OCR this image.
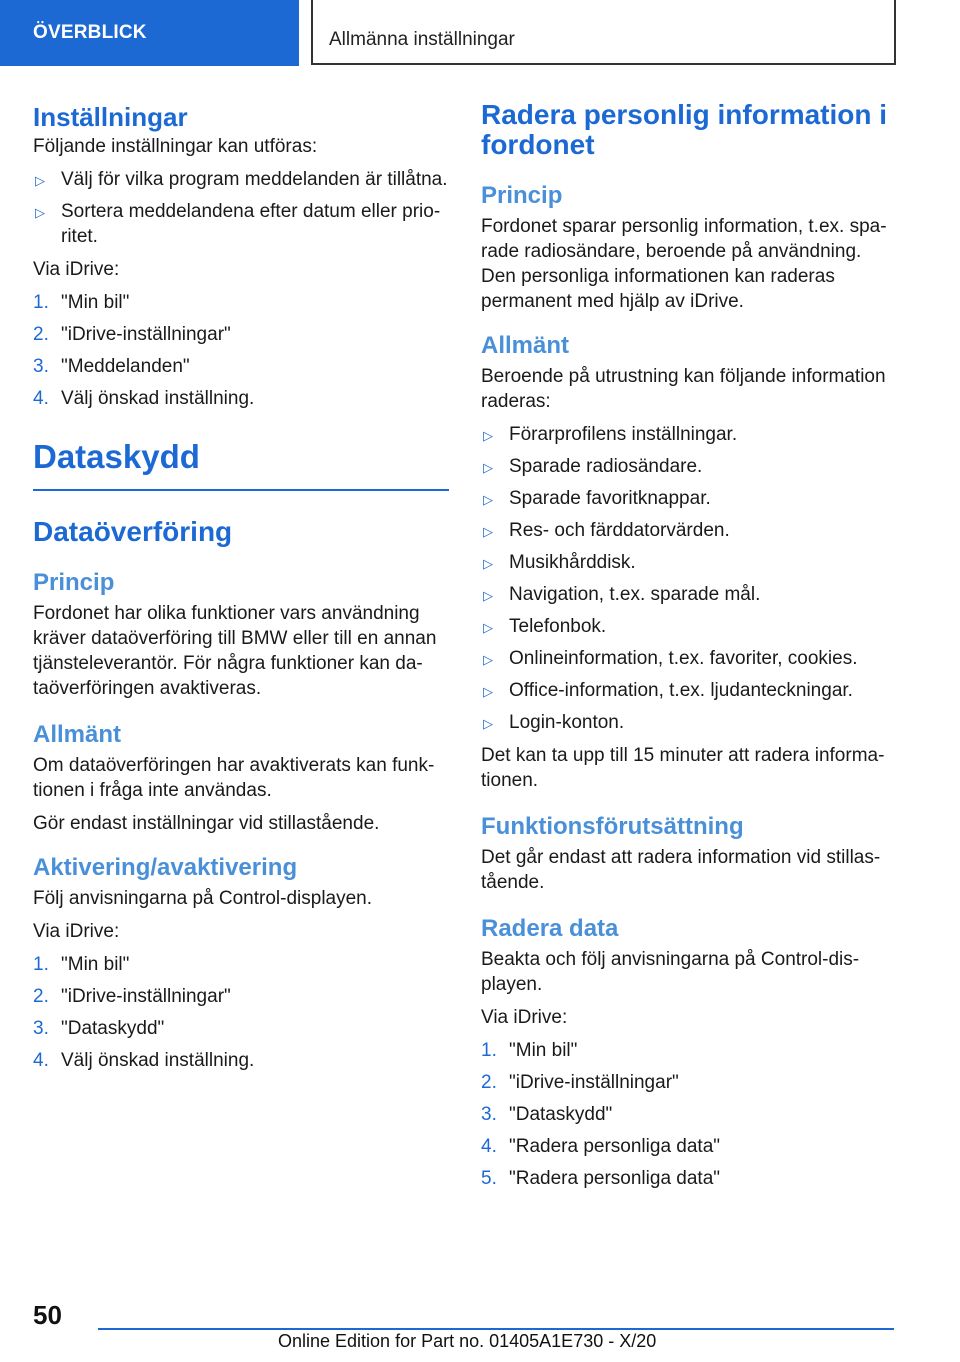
ÖVERBLICK	Allmänna inställningar
Inställningar

Följande inställningar kan utföras:

▷ Välj för vilka program meddelanden är tillåtna.
▷ Sortera meddelandena efter datum eller prio-ritet.

Via iDrive:

1. "Min bil"
2. "iDrive-inställningar"
3. "Meddelanden"
4. Välj önskad inställning.
Dataskydd
Dataöverföring
Princip

Fordonet har olika funktioner vars användning kräver dataöverföring till BMW eller till en annan tjänsteleverantör. För några funktioner kan da-taöverföringen avaktiveras.

Allmänt

Om dataöverföringen har avaktiverats kan funk-tionen i fråga inte användas.

Gör endast inställningar vid stillastående.

Aktivering/avaktivering

Följ anvisningarna på Control-displayen.

Via iDrive:

1. "Min bil"
2. "iDrive-inställningar"
3. "Dataskydd"
4. Välj önskad inställning.
Radera personlig information i fordonet
Princip

Fordonet sparar personlig information, t.ex. spa-rade radiosändare, beroende på användning. Den personliga informationen kan raderas permanent med hjälp av iDrive.

Allmänt

Beroende på utrustning kan följande information raderas:

▷ Förarprofilens inställningar.
▷ Sparade radiosändare.
▷ Sparade favoritknappar.
▷ Res- och färddatorvärden.
▷ Musikhårddisk.
▷ Navigation, t.ex. sparade mål.
▷ Telefonbok.
▷ Onlineinformation, t.ex. favoriter, cookies.
▷ Office-information, t.ex. ljudanteckningar.
▷ Login-konton.

Det kan ta upp till 15 minuter att radera informa-tionen.

Funktionsförutsättning

Det går endast att radera information vid stillas-tående.

Radera data

Beakta och följ anvisningarna på Control-dis-playen.

Via iDrive:

1. "Min bil"
2. "iDrive-inställningar"
3. "Dataskydd"
4. "Radera personliga data"
5. "Radera personliga data"
50
Online Edition for Part no. 01405A1E730 - X/20
